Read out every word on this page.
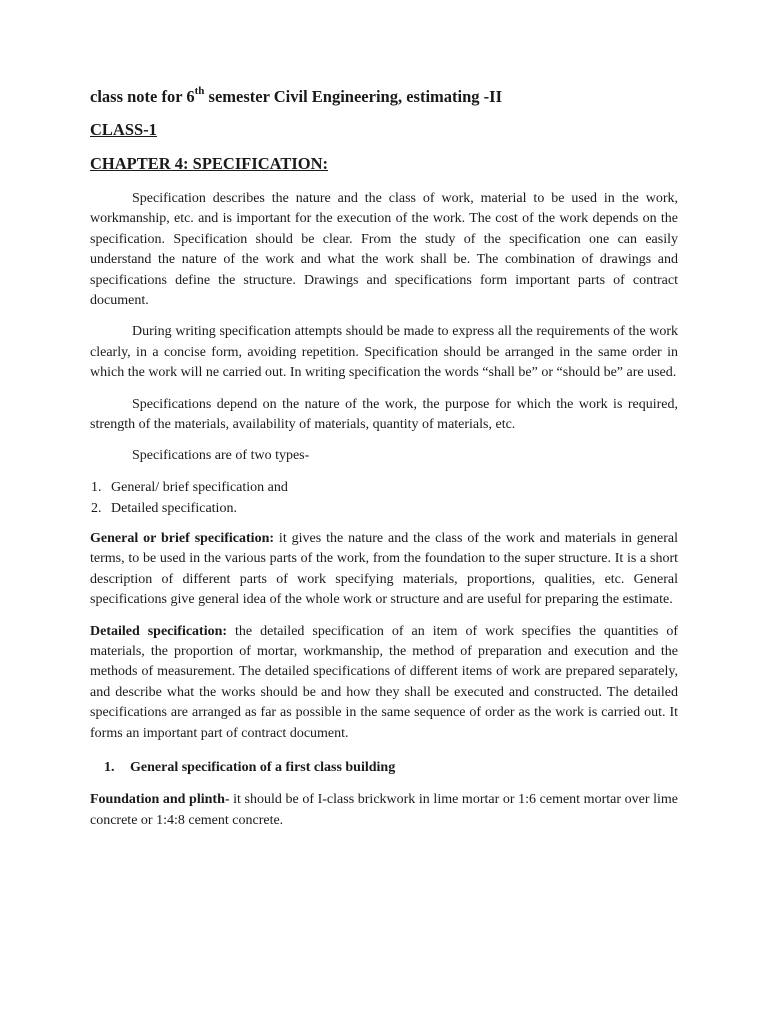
class note for 6th semester Civil Engineering, estimating -II
CLASS-1
CHAPTER 4: SPECIFICATION:

Specification describes the nature and the class of work, material to be used in the work, workmanship, etc. and is important for the execution of the work. The cost of the work depends on the specification. Specification should be clear. From the study of the specification one can easily understand the nature of the work and what the work shall be. The combination of drawings and specifications define the structure. Drawings and specifications form important parts of contract document.

During writing specification attempts should be made to express all the requirements of the work clearly, in a concise form, avoiding repetition. Specification should be arranged in the same order in which the work will ne carried out. In writing specification the words “shall be” or “should be” are used.

Specifications depend on the nature of the work, the purpose for which the work is required, strength of the materials, availability of materials, quantity of materials, etc.

Specifications are of two types-
1. General/ brief specification and
2. Detailed specification.

General or brief specification: it gives the nature and the class of the work and materials in general terms, to be used in the various parts of the work, from the foundation to the super structure. It is a short description of different parts of work specifying materials, proportions, qualities, etc. General specifications give general idea of the whole work or structure and are useful for preparing the estimate.

Detailed specification: the detailed specification of an item of work specifies the quantities of materials, the proportion of mortar, workmanship, the method of preparation and execution and the methods of measurement. The detailed specifications of different items of work are prepared separately, and describe what the works should be and how they shall be executed and constructed. The detailed specifications are arranged as far as possible in the same sequence of order as the work is carried out. It forms an important part of contract document.

1.	General specification of a first class building

Foundation and plinth- it should be of I-class brickwork in lime mortar or 1:6 cement mortar over lime concrete or 1:4:8 cement concrete.
